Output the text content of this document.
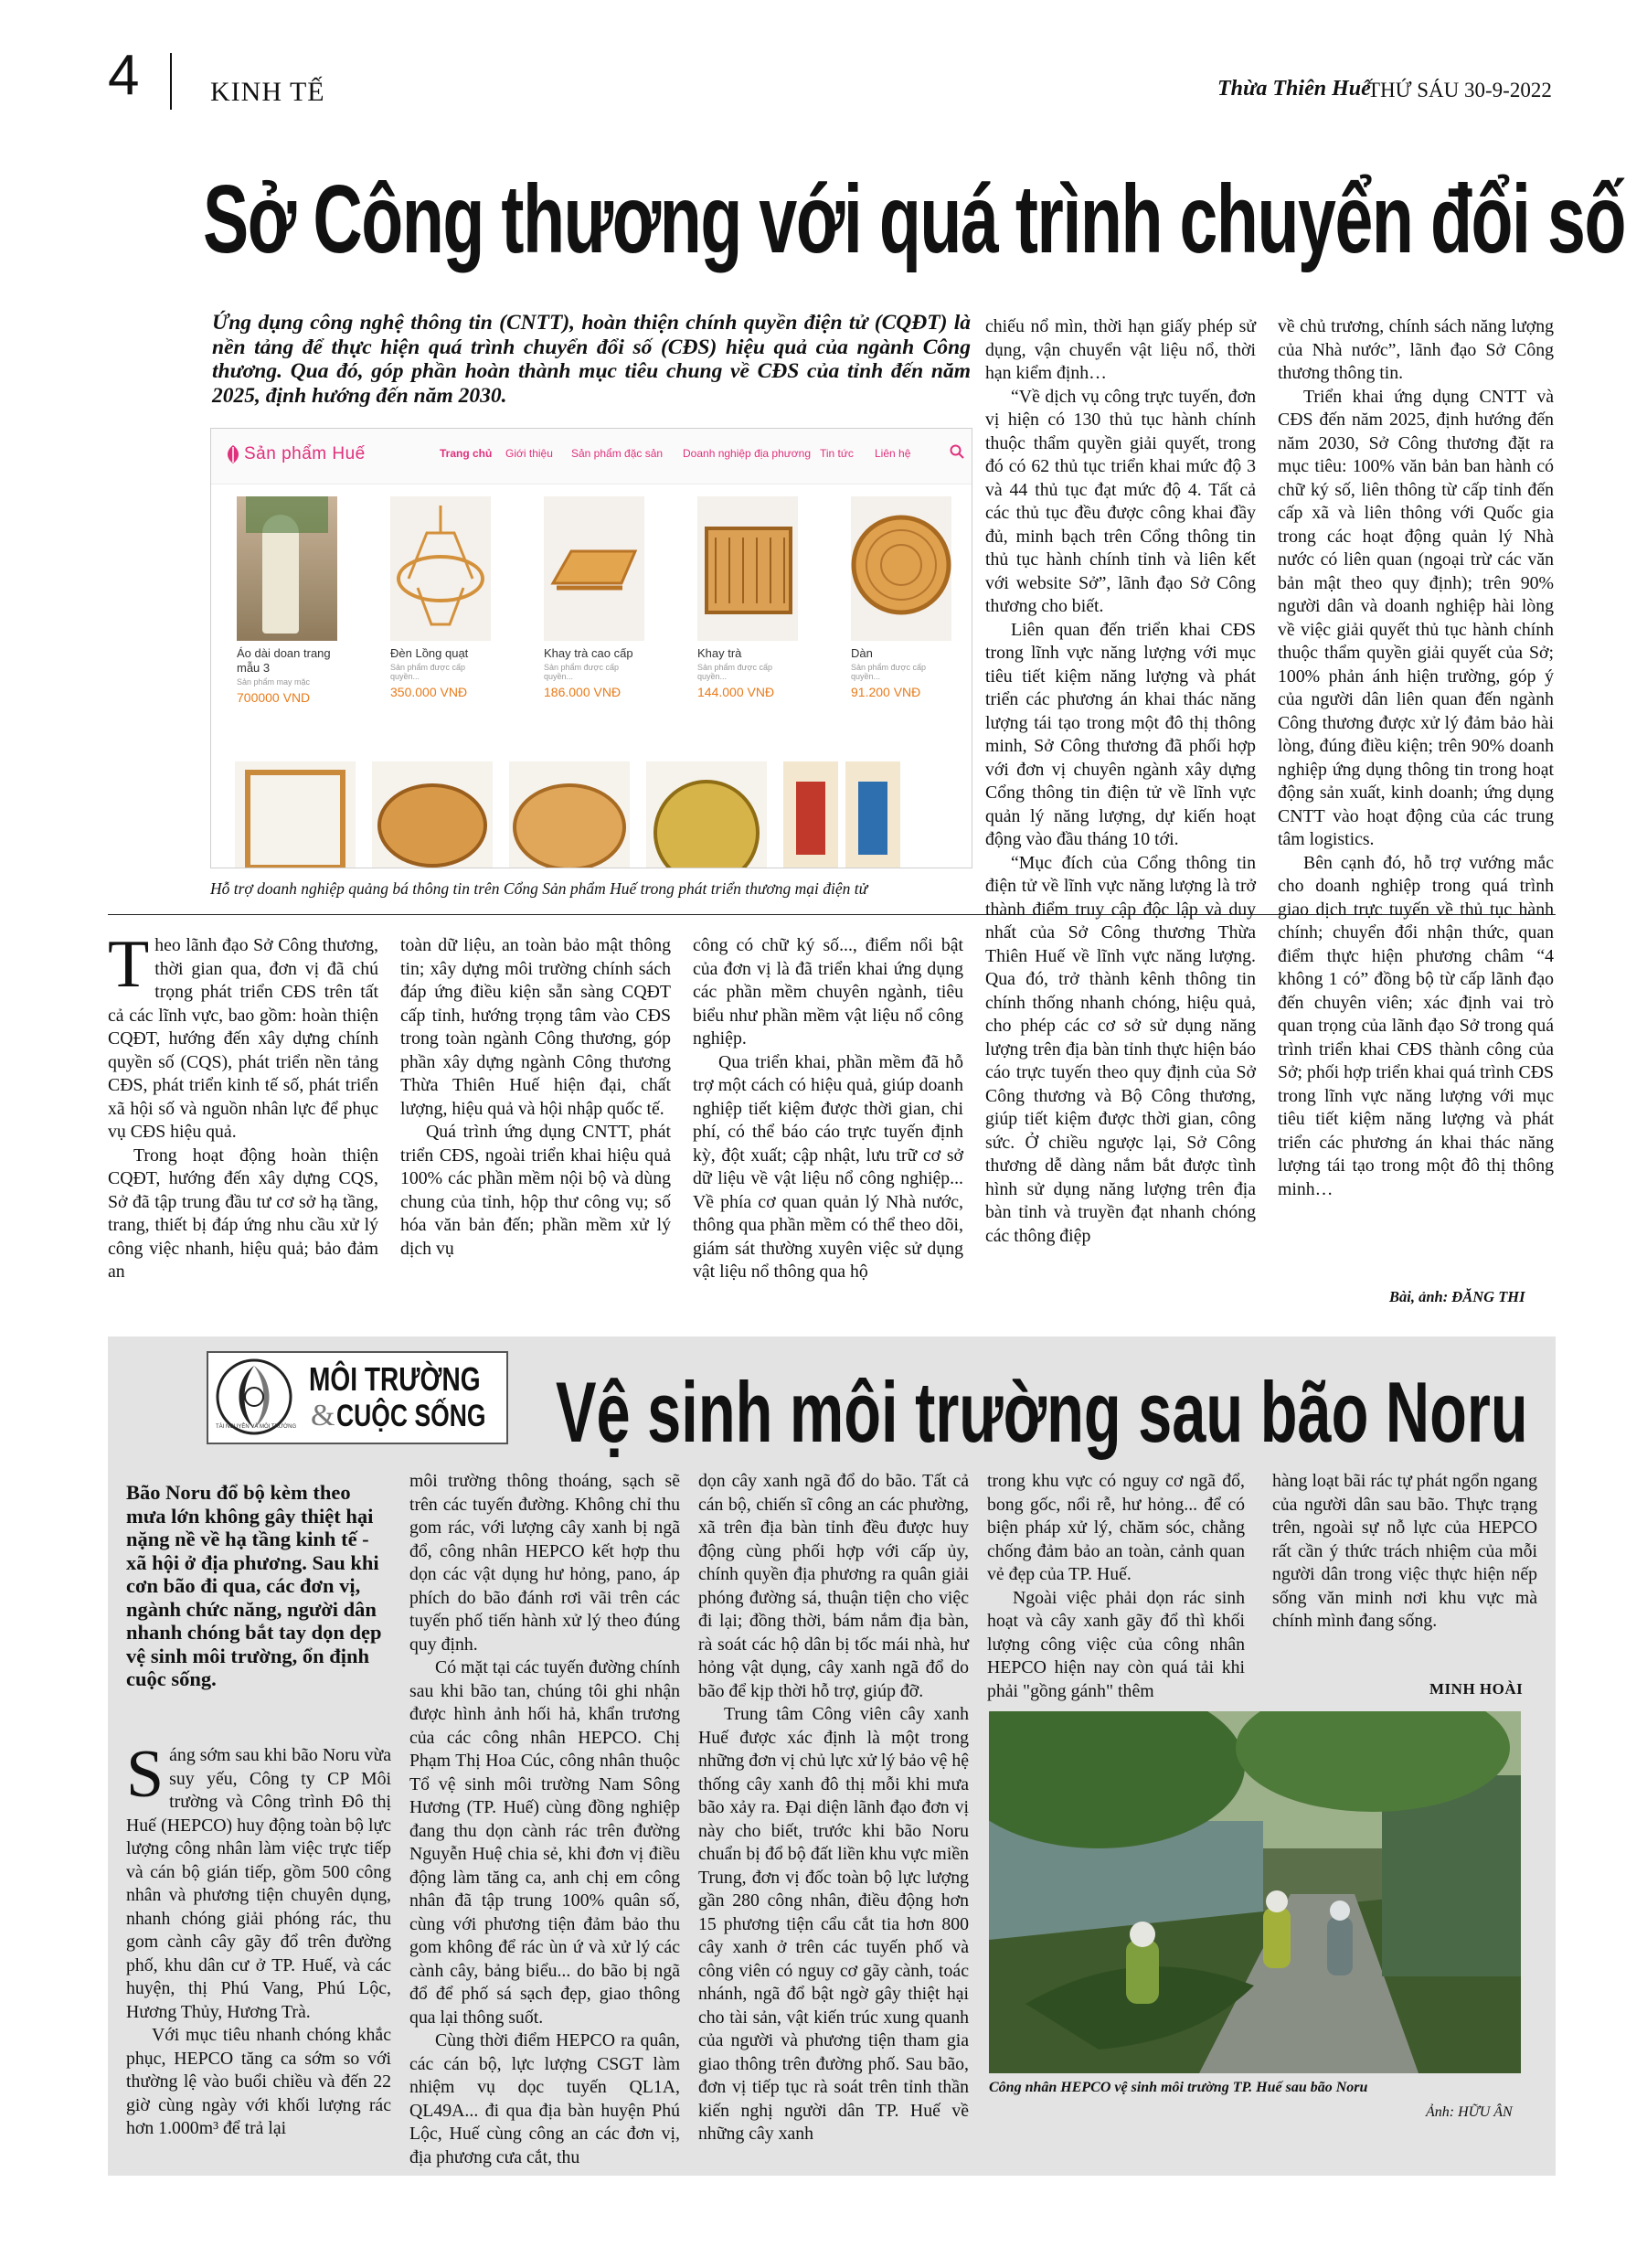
4	KINH TẾ	Thừa Thiên Huế
THỨ SÁU 30-9-2022
Sở Công thương với quá trình chuyển đổi số
Ứng dụng công nghệ thông tin (CNTT), hoàn thiện chính quyền điện tử (CQĐT) là nền tảng để thực hiện quá trình chuyển đổi số (CĐS) hiệu quả của ngành Công thương. Qua đó, góp phần hoàn thành mục tiêu chung về CĐS của tỉnh đến năm 2025, định hướng đến năm 2030.
Sản phẩm Huế	Trang chủ Giới thiệu Sản phẩm đặc sản Doanh nghiệp địa phương Tin tức Liên hệ
Áo dài doan trang mẫu 3
Sản phẩm may mặc
700000 VND
Đèn Lồng quạt
Sản phẩm được cấp quyền...
350.000 VNĐ
Khay trà cao cấp
Sản phẩm được cấp quyền...
186.000 VNĐ
Khay trà
Sản phẩm được cấp quyền...
144.000 VNĐ
Dàn
Sản phẩm được cấp quyền...
91.200 VNĐ
Hỗ trợ doanh nghiệp quảng bá thông tin trên Cổng Sản phẩm Huế trong phát triển thương mại điện tử
T heo lãnh đạo Sở Công thương, thời gian qua, đơn vị đã chú trọng phát triển CĐS trên tất cả các lĩnh vực, bao gồm: hoàn thiện CQĐT, hướng đến xây dựng chính quyền số (CQS), phát triển nền tảng CĐS, phát triển kinh tế số, phát triển xã hội số và nguồn nhân lực để phục vụ CĐS hiệu quả.

Trong hoạt động hoàn thiện CQĐT, hướng đến xây dựng CQS, Sở đã tập trung đầu tư cơ sở hạ tầng, trang, thiết bị đáp ứng nhu cầu xử lý công việc nhanh, hiệu quả; bảo đảm an

toàn dữ liệu, an toàn bảo mật thông tin; xây dựng môi trường chính sách đáp ứng điều kiện sẵn sàng CQĐT cấp tỉnh, hướng trọng tâm vào CĐS trong toàn ngành Công thương, góp phần xây dựng ngành Công thương Thừa Thiên Huế hiện đại, chất lượng, hiệu quả và hội nhập quốc tế.

Quá trình ứng dụng CNTT, phát triển CĐS, ngoài triển khai hiệu quả 100% các phần mềm nội bộ và dùng chung của tỉnh, hộp thư công vụ; số hóa văn bản đến; phần mềm xử lý dịch vụ

công có chữ ký số..., điểm nổi bật của đơn vị là đã triển khai ứng dụng các phần mềm chuyên ngành, tiêu biểu như phần mềm vật liệu nổ công nghiệp.

Qua triển khai, phần mềm đã hỗ trợ một cách có hiệu quả, giúp doanh nghiệp tiết kiệm được thời gian, chi phí, có thể báo cáo trực tuyến định kỳ, đột xuất; cập nhật, lưu trữ cơ sở dữ liệu về vật liệu nổ công nghiệp... Về phía cơ quan quản lý Nhà nước, thông qua phần mềm có thể theo dõi, giám sát thường xuyên việc sử dụng vật liệu nổ thông qua hộ

chiếu nổ mìn, thời hạn giấy phép sử dụng, vận chuyển vật liệu nổ, thời hạn kiểm định…

“Về dịch vụ công trực tuyến, đơn vị hiện có 130 thủ tục hành chính thuộc thẩm quyền giải quyết, trong đó có 62 thủ tục triển khai mức độ 3 và 44 thủ tục đạt mức độ 4. Tất cả các thủ tục đều được công khai đầy đủ, minh bạch trên Cổng thông tin thủ tục hành chính tỉnh và liên kết với website Sở”, lãnh đạo Sở Công thương cho biết.

Liên quan đến triển khai CĐS trong lĩnh vực năng lượng với mục tiêu tiết kiệm năng lượng và phát triển các phương án khai thác năng lượng tái tạo trong một đô thị thông minh, Sở Công thương đã phối hợp với đơn vị chuyên ngành xây dựng Cổng thông tin điện tử về lĩnh vực quản lý năng lượng, dự kiến hoạt động vào đầu tháng 10 tới.

“Mục đích của Cổng thông tin điện tử về lĩnh vực năng lượng là trở thành điểm truy cập độc lập và duy nhất của Sở Công thương Thừa Thiên Huế về lĩnh vực năng lượng. Qua đó, trở thành kênh thông tin chính thống nhanh chóng, hiệu quả, cho phép các cơ sở sử dụng năng lượng trên địa bàn tỉnh thực hiện báo cáo trực tuyến theo quy định của Sở Công thương và Bộ Công thương, giúp tiết kiệm được thời gian, công sức. Ở chiều ngược lại, Sở Công thương dễ dàng nắm bắt được tình hình sử dụng năng lượng trên địa bàn tỉnh và truyền đạt nhanh chóng các thông điệp

về chủ trương, chính sách năng lượng của Nhà nước”, lãnh đạo Sở Công thương thông tin.

Triển khai ứng dụng CNTT và CĐS đến năm 2025, định hướng đến năm 2030, Sở Công thương đặt ra mục tiêu: 100% văn bản ban hành có chữ ký số, liên thông từ cấp tỉnh đến cấp xã và liên thông với Quốc gia trong các hoạt động quản lý Nhà nước có liên quan (ngoại trừ các văn bản mật theo quy định); trên 90% người dân và doanh nghiệp hài lòng về việc giải quyết thủ tục hành chính thuộc thẩm quyền giải quyết của Sở; 100% phản ánh hiện trường, góp ý của người dân liên quan đến ngành Công thương được xử lý đảm bảo hài lòng, đúng điều kiện; trên 90% doanh nghiệp ứng dụng thông tin trong hoạt động sản xuất, kinh doanh; ứng dụng CNTT vào hoạt động của các trung tâm logistics.

Bên cạnh đó, hỗ trợ vướng mắc cho doanh nghiệp trong quá trình giao dịch trực tuyến về thủ tục hành chính; chuyển đổi nhận thức, quan điểm thực hiện phương châm “4 không 1 có” đồng bộ từ cấp lãnh đạo đến chuyên viên; xác định vai trò quan trọng của lãnh đạo Sở trong quá trình triển khai CĐS thành công của Sở; phối hợp triển khai quá trình CĐS trong lĩnh vực năng lượng với mục tiêu tiết kiệm năng lượng và phát triển các phương án khai thác năng lượng tái tạo trong một đô thị thông minh…

Bài, ảnh: ĐĂNG THI
TÀI NGUYÊN VÀ MÔI TRƯỜNG
MÔI TRƯỜNG
& CUỘC SỐNG Vệ sinh môi trường sau bão Noru
Bão Noru đổ bộ kèm theo mưa lớn không gây thiệt hại nặng nề về hạ tầng kinh tế - xã hội ở địa phương. Sau khi cơn bão đi qua, các đơn vị, ngành chức năng, người dân nhanh chóng bắt tay dọn dẹp vệ sinh môi trường, ổn định cuộc sống.
S áng sớm sau khi bão Noru vừa suy yếu, Công ty CP Môi trường và Công trình Đô thị Huế (HEPCO) huy động toàn bộ lực lượng công nhân làm việc trực tiếp và cán bộ gián tiếp, gồm 500 công nhân và phương tiện chuyên dụng, nhanh chóng giải phóng rác, thu gom cành cây gãy đổ trên đường phố, khu dân cư ở TP. Huế, và các huyện, thị Phú Vang, Phú Lộc, Hương Thủy, Hương Trà.

Với mục tiêu nhanh chóng khắc phục, HEPCO tăng ca sớm so với thường lệ vào buổi chiều và đến 22 giờ cùng ngày với khối lượng rác hơn 1.000m³ để trả lại

môi trường thông thoáng, sạch sẽ trên các tuyến đường. Không chỉ thu gom rác, với lượng cây xanh bị ngã đổ, công nhân HEPCO kết hợp thu dọn các vật dụng hư hỏng, pano, áp phích do bão đánh rơi vãi trên các tuyến phố tiến hành xử lý theo đúng quy định.

Có mặt tại các tuyến đường chính sau khi bão tan, chúng tôi ghi nhận được hình ảnh hối hả, khẩn trương của các công nhân HEPCO. Chị Phạm Thị Hoa Cúc, công nhân thuộc Tổ vệ sinh môi trường Nam Sông Hương (TP. Huế) cùng đồng nghiệp đang thu dọn cành rác trên đường Nguyễn Huệ chia sẻ, khi đơn vị điều động làm tăng ca, anh chị em công nhân đã tập trung 100% quân số, cùng với phương tiện đảm bảo thu gom không để rác ùn ứ và xử lý các cành cây, bảng biểu... do bão bị ngã đổ để phố sá sạch đẹp, giao thông qua lại thông suốt.

Cùng thời điểm HEPCO ra quân, các cán bộ, lực lượng CSGT làm nhiệm vụ dọc tuyến QL1A, QL49A... đi qua địa bàn huyện Phú Lộc, Huế cùng công an các đơn vị, địa phương cưa cắt, thu

dọn cây xanh ngã đổ do bão. Tất cả cán bộ, chiến sĩ công an các phường, xã trên địa bàn tỉnh đều được huy động cùng phối hợp với cấp ủy, chính quyền địa phương ra quân giải phóng đường sá, thuận tiện cho việc đi lại; đồng thời, bám nắm địa bàn, rà soát các hộ dân bị tốc mái nhà, hư hỏng vật dụng, cây xanh ngã đổ do bão để kịp thời hỗ trợ, giúp đỡ.

Trung tâm Công viên cây xanh Huế được xác định là một trong những đơn vị chủ lực xử lý bảo vệ hệ thống cây xanh đô thị mỗi khi mưa bão xảy ra. Đại diện lãnh đạo đơn vị này cho biết, trước khi bão Noru chuẩn bị đổ bộ đất liền khu vực miền Trung, đơn vị đốc toàn bộ lực lượng gần 280 công nhân, điều động hơn 15 phương tiện cẩu cắt tia hơn 800 cây xanh ở trên các tuyến phố và công viên có nguy cơ gãy cành, toác nhánh, ngã đổ bật ngờ gây thiệt hại cho tài sản, vật kiến trúc xung quanh của người và phương tiện tham gia giao thông trên đường phố. Sau bão, đơn vị tiếp tục rà soát trên tỉnh thần kiến nghị người dân TP. Huế về những cây xanh

trong khu vực có nguy cơ ngã đổ, bong gốc, nổi rễ, hư hỏng... để có biện pháp xử lý, chăm sóc, chằng chống đảm bảo an toàn, cảnh quan vẻ đẹp của TP. Huế.

Ngoài việc phải dọn rác sinh hoạt và cây xanh gãy đổ thì khối lượng công việc của công nhân HEPCO hiện nay còn quá tải khi phải "gồng gánh" thêm

hàng loạt bãi rác tự phát ngổn ngang của người dân sau bão. Thực trạng trên, ngoài sự nỗ lực của HEPCO rất cần ý thức trách nhiệm của mỗi người dân trong việc thực hiện nếp sống văn minh nơi khu vực mà chính mình đang sống.

MINH HOÀI
Công nhân HEPCO vệ sinh môi trường TP. Huế sau bão Noru
Ảnh: HỮU ÂN
